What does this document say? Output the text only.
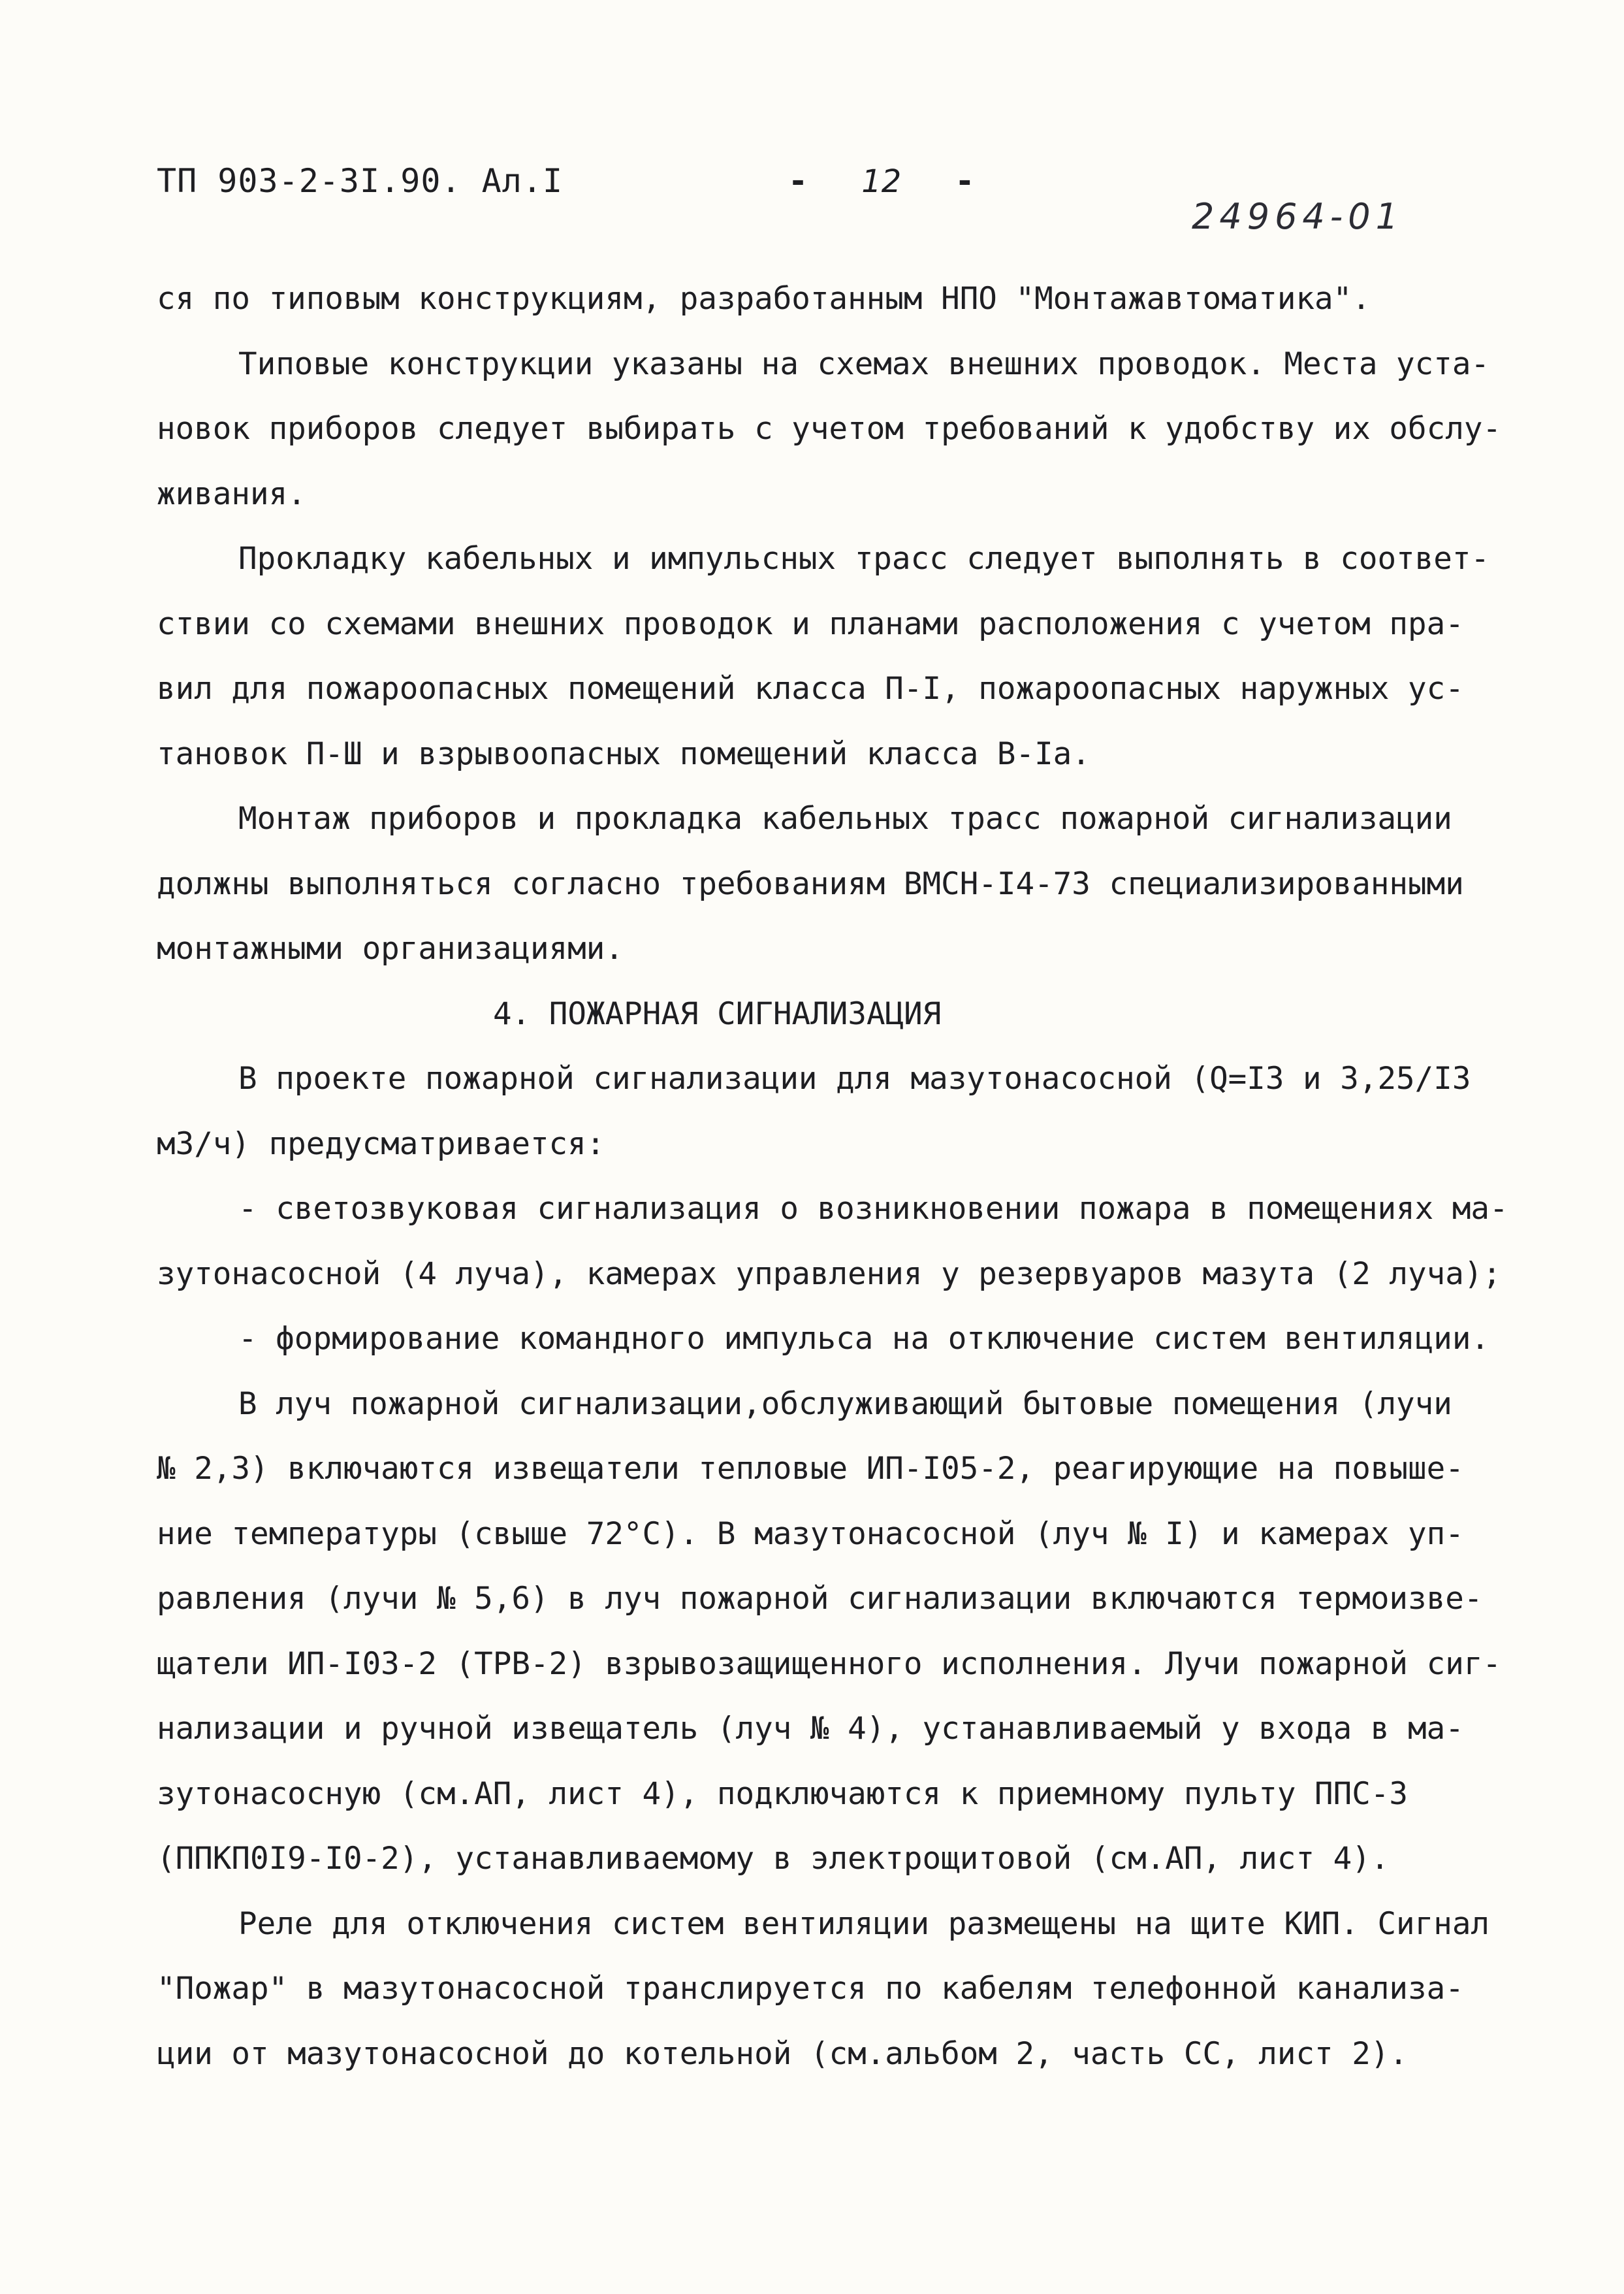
ТП 903-2-3I.90. Ал.I	- 12 -
24964-01
ся по типовым конструкциям, разработанным НПО "Монтажавтоматика".
Типовые конструкции указаны на схемах внешних проводок. Места уста-
новок приборов следует выбирать с учетом требований к удобству их обслу-
живания.
Прокладку кабельных и импульсных трасс следует выполнять в соответ-
ствии со схемами внешних проводок и планами расположения с учетом пра-
вил для пожароопасных помещений класса П-I, пожароопасных наружных ус-
тановок П-Ш и взрывоопасных помещений класса В-Iа.
Монтаж приборов и прокладка кабельных трасс пожарной сигнализации
должны выполняться согласно требованиям ВМСН-I4-73 специализированными
монтажными организациями.
4. ПОЖАРНАЯ СИГНАЛИЗАЦИЯ
В проекте пожарной сигнализации для мазутонасосной (Q=I3 и 3,25/I3
м3/ч) предусматривается:
- светозвуковая сигнализация о возникновении пожара в помещениях ма-
зутонасосной (4 луча), камерах управления у резервуаров мазута (2 луча);
- формирование командного импульса на отключение систем вентиляции.
В луч пожарной сигнализации,обслуживающий бытовые помещения (лучи
№ 2,3) включаются извещатели тепловые ИП-I05-2, реагирующие на повыше-
ние температуры (свыше 72°С). В мазутонасосной (луч № I) и камерах уп-
равления (лучи № 5,6) в луч пожарной сигнализации включаются термоизве-
щатели ИП-I03-2 (ТРВ-2) взрывозащищенного исполнения. Лучи пожарной сиг-
нализации и ручной извещатель (луч № 4), устанавливаемый у входа в ма-
зутонасосную (см.АП, лист 4), подключаются к приемному пульту ППС-3
(ППКП0I9-I0-2), устанавливаемому в электрощитовой (см.АП, лист 4).
Реле для отключения систем вентиляции размещены на щите КИП. Сигнал
"Пожар" в мазутонасосной транслируется по кабелям телефонной канализа-
ции от мазутонасосной до котельной (см.альбом 2, часть СС, лист 2).
